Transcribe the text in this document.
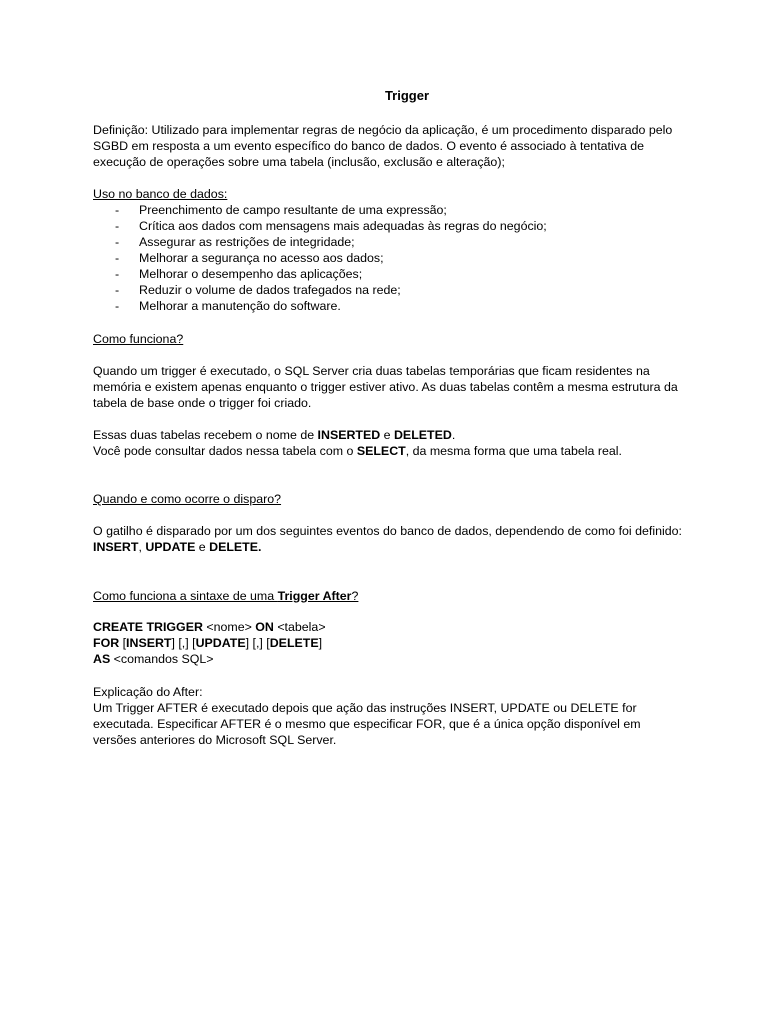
Trigger

Definição: Utilizado para implementar regras de negócio da aplicação, é um procedimento disparado pelo SGBD em resposta a um evento específico do banco de dados. O evento é associado à tentativa de execução de operações sobre uma tabela (inclusão, exclusão e alteração);

Uso no banco de dados:

- Preenchimento de campo resultante de uma expressão;
- Crítica aos dados com mensagens mais adequadas às regras do negócio;
- Assegurar as restrições de integridade;
- Melhorar a segurança no acesso aos dados;
- Melhorar o desempenho das aplicações;
- Reduzir o volume de dados trafegados na rede;
- Melhorar a manutenção do software.

Como funciona?

Quando um trigger é executado, o SQL Server cria duas tabelas temporárias que ficam residentes na memória e existem apenas enquanto o trigger estiver ativo. As duas tabelas contêm a mesma estrutura da tabela de base onde o trigger foi criado.

Essas duas tabelas recebem o nome de INSERTED e DELETED.

Você pode consultar dados nessa tabela com o SELECT, da mesma forma que uma tabela real.

Quando e como ocorre o disparo?

O gatilho é disparado por um dos seguintes eventos do banco de dados, dependendo de como foi definido: INSERT, UPDATE e DELETE.

Como funciona a sintaxe de uma Trigger After?

CREATE TRIGGER <nome> ON <tabela>

FOR [INSERT] [,] [UPDATE] [,] [DELETE]

AS <comandos SQL>

Explicação do After:

Um Trigger AFTER é executado depois que ação das instruções INSERT, UPDATE ou DELETE for executada. Especificar AFTER é o mesmo que especificar FOR, que é a única opção disponível em versões anteriores do Microsoft SQL Server.
